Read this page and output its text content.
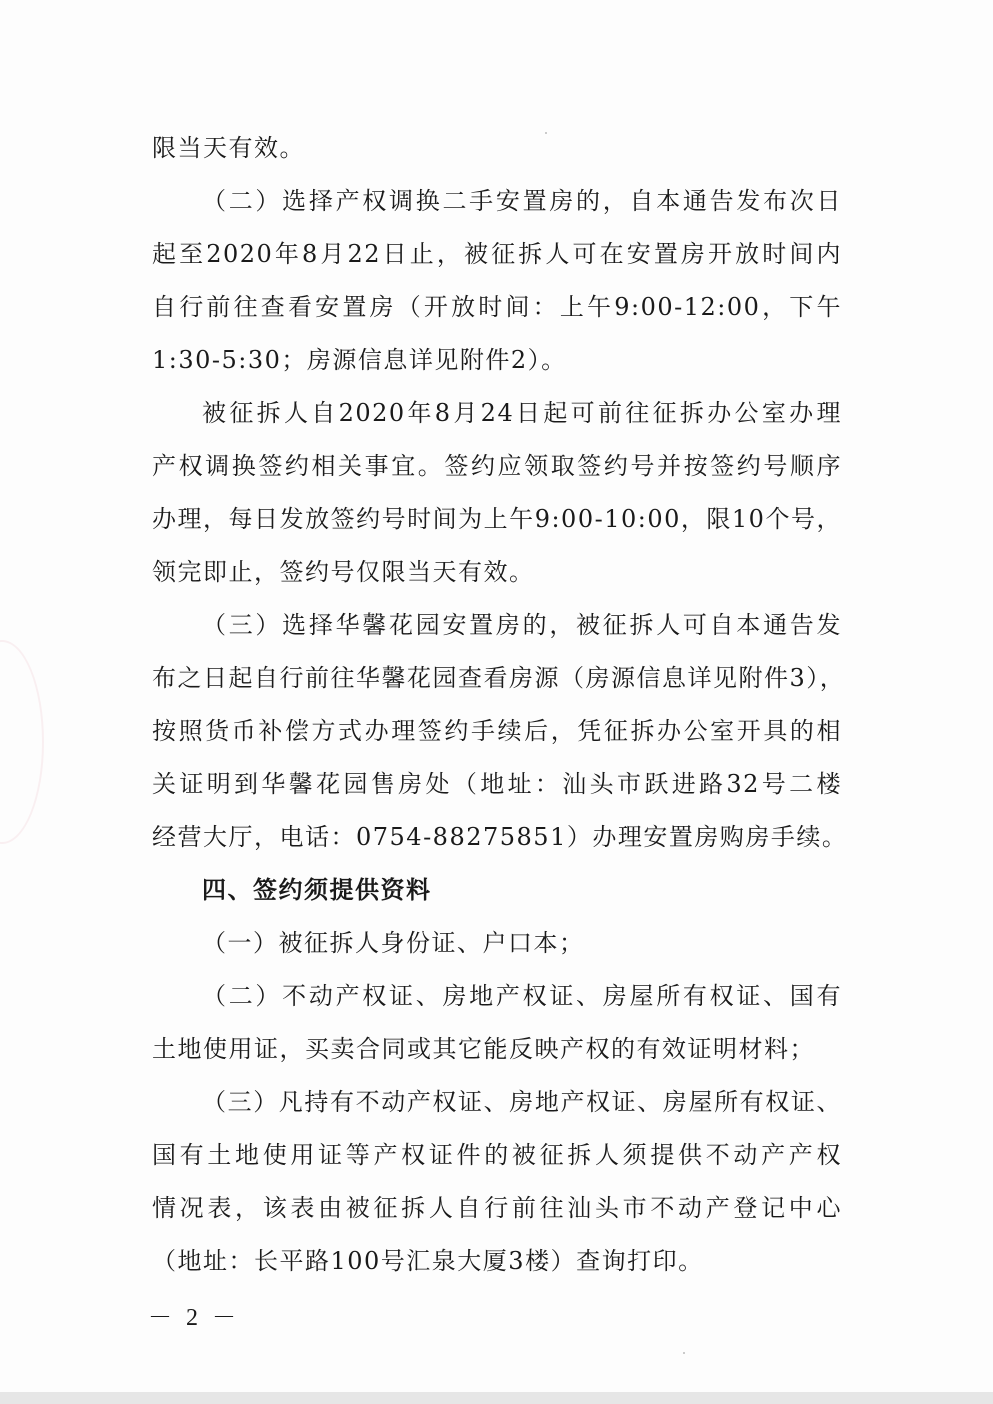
限当天有效。
（二）选择产权调换二手安置房的，自本通告发布次日
起至2020年8月22日止，被征拆人可在安置房开放时间内
自行前往查看安置房（开放时间：上午9:00-12:00，下午
1:30-5:30；房源信息详见附件2）。
被征拆人自2020年8月24日起可前往征拆办公室办理
产权调换签约相关事宜。签约应领取签约号并按签约号顺序
办理，每日发放签约号时间为上午9:00-10:00，限10个号，
领完即止，签约号仅限当天有效。
（三）选择华馨花园安置房的，被征拆人可自本通告发
布之日起自行前往华馨花园查看房源（房源信息详见附件3），
按照货币补偿方式办理签约手续后，凭征拆办公室开具的相
关证明到华馨花园售房处（地址：汕头市跃进路32号二楼
经营大厅，电话：0754-88275851）办理安置房购房手续。
四、签约须提供资料
（一）被征拆人身份证、户口本；
（二）不动产权证、房地产权证、房屋所有权证、国有
土地使用证，买卖合同或其它能反映产权的有效证明材料；
（三）凡持有不动产权证、房地产权证、房屋所有权证、
国有土地使用证等产权证件的被征拆人须提供不动产产权
情况表，该表由被征拆人自行前往汕头市不动产登记中心
（地址：长平路100号汇泉大厦3楼）查询打印。
－ 2 －
